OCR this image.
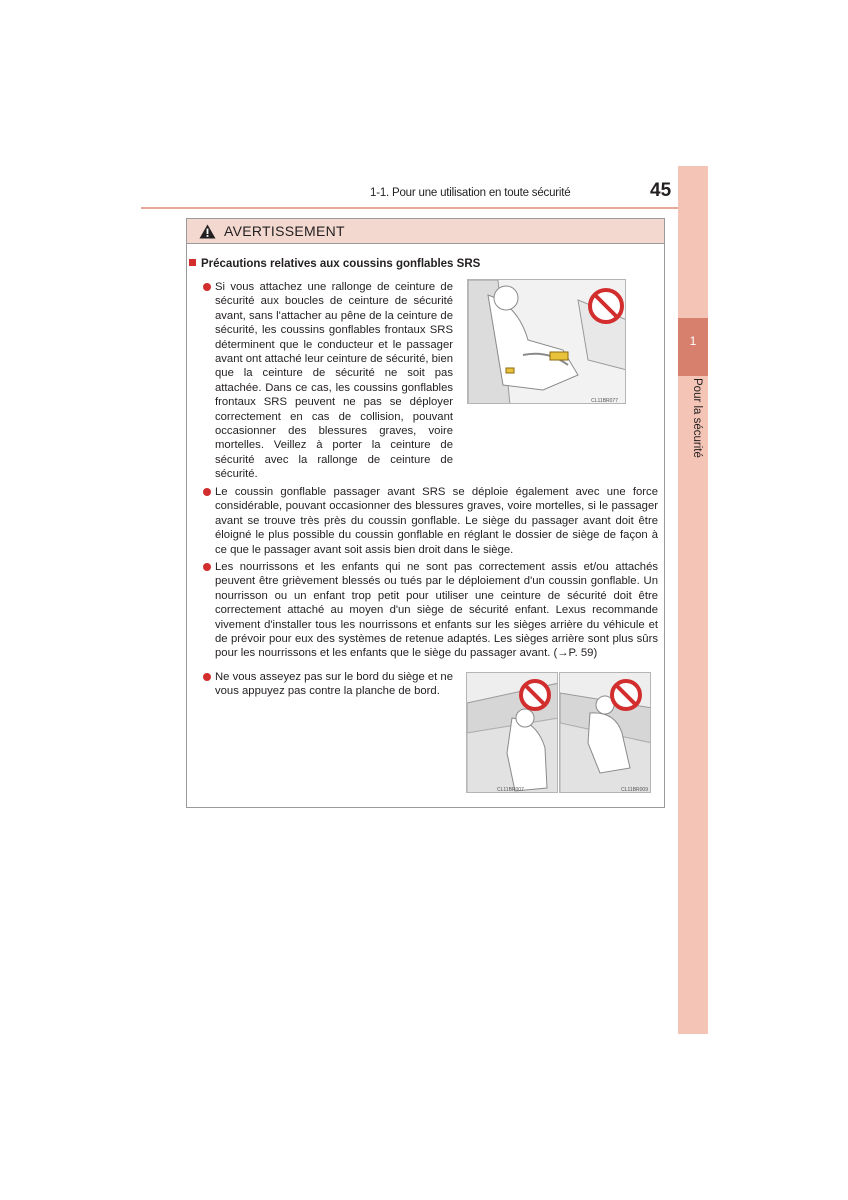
1-1. Pour une utilisation en toute sécurité	45
1
Pour la sécurité
AVERTISSEMENT
Précautions relatives aux coussins gonflables SRS
Si vous attachez une rallonge de ceinture de sécurité aux boucles de ceinture de sécurité avant, sans l'attacher au pêne de la ceinture de sécurité, les coussins gonflables frontaux SRS déterminent que le conducteur et le passager avant ont attaché leur ceinture de sécurité, bien que la ceinture de sécurité ne soit pas attachée. Dans ce cas, les coussins gonflables frontaux SRS peuvent ne pas se déployer correctement en cas de collision, pouvant occasionner des blessures graves, voire mortelles. Veillez à porter la ceinture de sécurité avec la rallonge de ceinture de sécurité.
CL11BR077
Le coussin gonflable passager avant SRS se déploie également avec une force considérable, pouvant occasionner des blessures graves, voire mortelles, si le passager avant se trouve très près du coussin gonflable. Le siège du passager avant doit être éloigné le plus possible du coussin gonflable en réglant le dossier de siège de façon à ce que le passager avant soit assis bien droit dans le siège.
Les nourrissons et les enfants qui ne sont pas correctement assis et/ou attachés peuvent être grièvement blessés ou tués par le déploiement d'un coussin gonflable. Un nourrisson ou un enfant trop petit pour utiliser une ceinture de sécurité doit être correctement attaché au moyen d'un siège de sécurité enfant. Lexus recommande vivement d'installer tous les nourrissons et enfants sur les sièges arrière du véhicule et de prévoir pour eux des systèmes de retenue adaptés. Les sièges arrière sont plus sûrs pour les nourrissons et les enfants que le siège du passager avant. (→P. 59)
Ne vous asseyez pas sur le bord du siège et ne vous appuyez pas contre la planche de bord.
CL11BR007	CL11BR009
